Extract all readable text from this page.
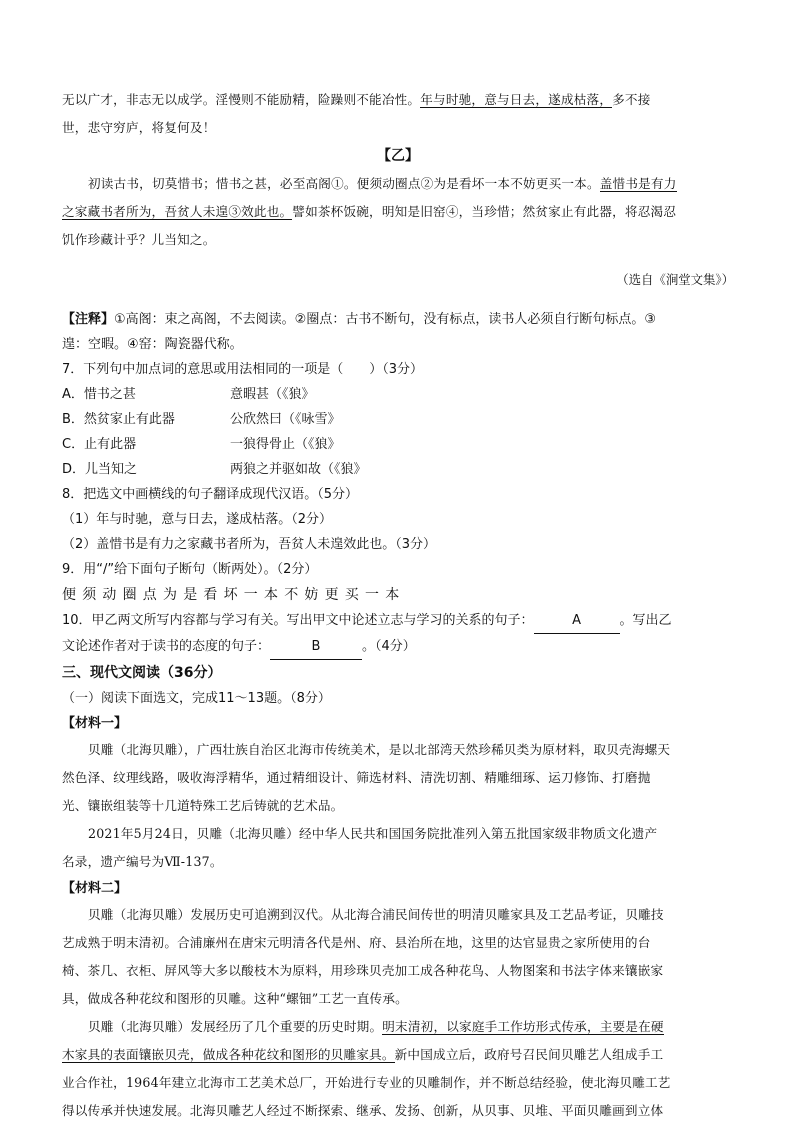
无以广才，非志无以成学。淫慢则不能励精，险躁则不能冶性。年与时驰，意与日去，遂成枯落，多不接

世，悲守穷庐，将复何及！

【乙】

初读古书，切莫惜书；惜书之甚，必至高阁①。便须动圈点②为是看坏一本不妨更买一本。盖惜书是有力

之家藏书者所为，吾贫人未遑③效此也。譬如茶杯饭碗，明知是旧窑④，当珍惜；然贫家止有此器，将忍渴忍

饥作珍藏计乎？儿当知之。

（选自《涧堂文集》）

【注释】①高阁：束之高阁，不去阅读。②圈点：古书不断句，没有标点，读书人必须自行断句标点。③
遑：空暇。④窑：陶瓷器代称。
7．下列句中加点词的意思或用法相同的一项是（　　）（3分）
A．惜书之甚	意暇甚（《狼》
B．然贫家止有此器	公欣然曰（《咏雪》
C．止有此器	一狼得骨止（《狼》
D．儿当知之	两狼之并驱如故（《狼》
8．把选文中画横线的句子翻译成现代汉语。（5分）
（1）年与时驰，意与日去，遂成枯落。（2分）
（2）盖惜书是有力之家藏书者所为，吾贫人未遑效此也。（3分）
9．用“/”给下面句子断句（断两处）。（2分）
便须动圈点为是看坏一本不妨更买一本
10．甲乙两文所写内容都与学习有关。写出甲文中论述立志与学习的关系的句子：	A	。写出乙
文论述作者对于读书的态度的句子：	B	。（4分）
三、现代文阅读（36分）
（一）阅读下面选文，完成11～13题。（8分）
【材料一】

贝雕（北海贝雕），广西壮族自治区北海市传统美术，是以北部湾天然珍稀贝类为原材料，取贝壳海螺天

然色泽、纹理线路，吸收海浮精华，通过精细设计、筛选材料、清洗切割、精雕细琢、运刀修饰、打磨抛

光、镶嵌组装等十几道特殊工艺后铸就的艺术品。

2021年5月24日，贝雕（北海贝雕）经中华人民共和国国务院批准列入第五批国家级非物质文化遗产

名录，遗产编号为Ⅶ-137。

【材料二】

贝雕（北海贝雕）发展历史可追溯到汉代。从北海合浦民间传世的明清贝雕家具及工艺品考证，贝雕技

艺成熟于明末清初。合浦廉州在唐宋元明清各代是州、府、县治所在地，这里的达官显贵之家所使用的台

椅、茶几、衣柜、屏风等大多以酸枝木为原料，用珍珠贝壳加工成各种花鸟、人物图案和书法字体来镶嵌家

具，做成各种花纹和图形的贝雕。这种“螺钿”工艺一直传承。

贝雕（北海贝雕）发展经历了几个重要的历史时期。明末清初，以家庭手工作坊形式传承，主要是在硬

木家具的表面镶嵌贝壳，做成各种花纹和图形的贝雕家具。新中国成立后，政府号召民间贝雕艺人组成手工

业合作社，1964年建立北海市工艺美术总厂，开始进行专业的贝雕制作，并不断总结经验，使北海贝雕工艺

得以传承并快速发展。北海贝雕艺人经过不断探索、继承、发扬、创新，从贝事、贝堆、平面贝雕画到立体
